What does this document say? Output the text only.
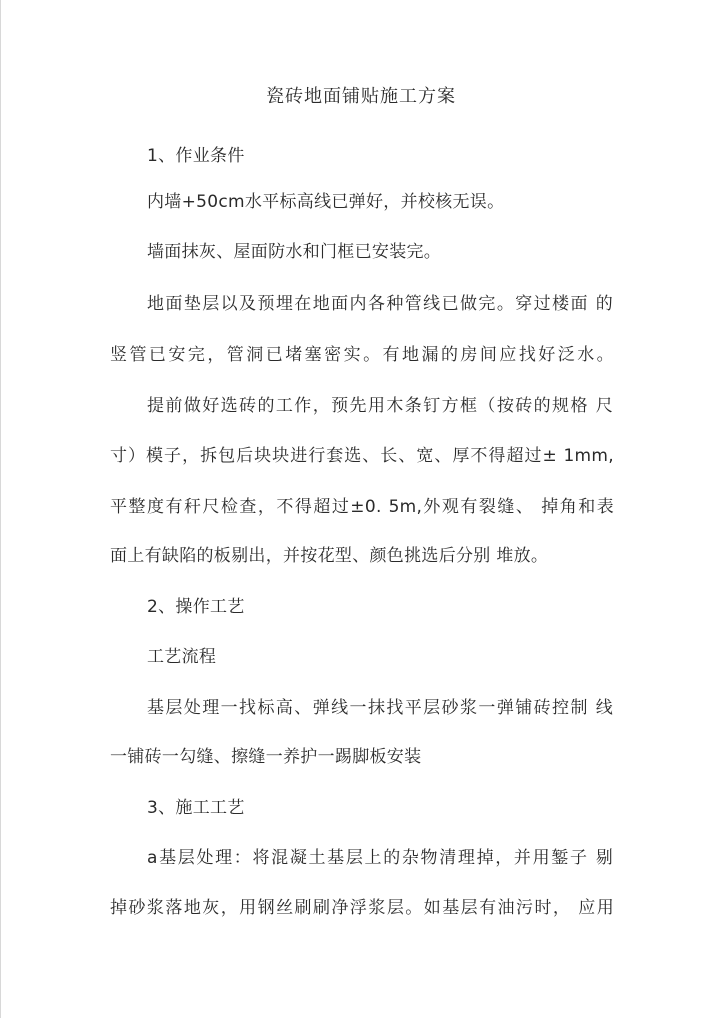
瓷砖地面铺贴施工方案
1、作业条件
内墙+50cm水平标高线已弹好，并校核无误。
墙面抹灰、屋面防水和门框已安装完。
地面垫层以及预埋在地面内各种管线已做完。穿过楼面 的
竖管已安完，管洞已堵塞密实。有地漏的房间应找好泛水。
提前做好选砖的工作，预先用木条钉方框（按砖的规格 尺
寸）模子，拆包后块块进行套选、长、宽、厚不得超过± 1mm,
平整度有秆尺检查，不得超过±0. 5m,外观有裂缝、 掉角和表
面上有缺陷的板剔出，并按花型、颜色挑选后分别 堆放。
2、操作工艺
工艺流程
基层处理一找标高、弹线一抹找平层砂浆一弹铺砖控制 线
一铺砖一勾缝、擦缝一养护一踢脚板安装
3、施工工艺
a基层处理：将混凝土基层上的杂物清理掉，并用錾子 剔
掉砂浆落地灰，用钢丝刷刷净浮浆层。如基层有油污时， 应用
